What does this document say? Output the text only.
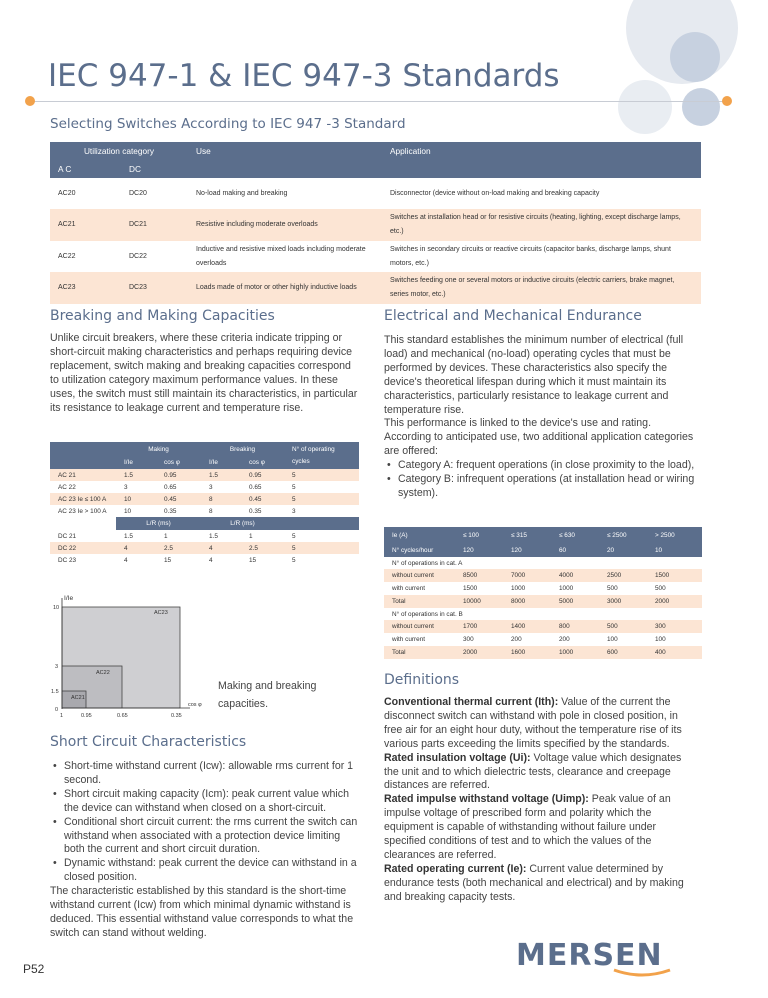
IEC 947-1 & IEC 947-3 Standards
Selecting Switches According to IEC 947 -3 Standard
Utilization category		Use	Application
A C	DC		
AC20	DC20	No-load making and breaking	Disconnector (device without on-load making and breaking capacity
AC21	DC21	Resistive including moderate overloads	Switches at installation head or for resistive circuits (heating, lighting, except discharge lamps, etc.)
AC22	DC22	Inductive and resistive mixed loads including moderate overloads	Switches in secondary circuits or reactive circuits (capacitor banks, discharge lamps, shunt motors, etc.)
AC23	DC23	Loads made of motor or other highly inductive loads	Switches feeding one or several motors or inductive circuits (electric carriers, brake magnet, series motor, etc.)
Breaking and Making Capacities
Unlike circuit breakers, where these criteria indicate tripping or short-circuit making characteristics and perhaps requiring device replacement, switch making and breaking capacities correspond to utilization category maximum performance values. In these uses, the switch must still maintain its characteristics, in particular its resistance to leakage current and temperature rise.
	Making		Breaking		N° of operating cycles
	I/Ie	cos φ	I/Ie	cos φ	
AC 21	1.5	0.95	1.5	0.95	5
AC 22	3	0.65	3	0.65	5
AC 23 Ie ≤ 100 A	10	0.45	8	0.45	5
AC 23 Ie > 100 A	10	0.35	8	0.35	3
	L/R (ms)		L/R (ms)		
DC 21	1.5	1	1.5	1	5
DC 22	4	2.5	4	2.5	5
DC 23	4	15	4	15	5
I/Ie
cos φ
10
3
1.5
0
1	0.95	0.65	0.35
AC23
AC22
AC21
Making and breaking capacities.
Short Circuit Characteristics
• Short-time withstand current (Icw): allowable rms current for 1 second.
• Short circuit making capacity (Icm): peak current value which the device can withstand when closed on a short-circuit.
• Conditional short circuit current: the rms current the switch can withstand when associated with a protection device limiting both the current and short circuit duration.
• Dynamic withstand: peak current the device can withstand in a closed position.
The characteristic established by this standard is the short-time withstand current (Icw) from which minimal dynamic withstand is deduced. This essential withstand value corresponds to what the switch can stand without welding.
Electrical and Mechanical Endurance
This standard establishes the minimum number of electrical (full load) and mechanical (no-load) operating cycles that must be performed by devices. These characteristics also specify the device's theoretical lifespan during which it must maintain its characteristics, particularly resistance to leakage current and temperature rise.
This performance is linked to the device's use and rating. According to anticipated use, two additional application categories are offered:
• Category A: frequent operations (in close proximity to the load),
• Category B: infrequent operations (at installation head or wiring system).
Ie (A)	≤ 100	≤ 315	≤ 630	≤ 2500	> 2500
N° cycles/hour	120	120	60	20	10
N° of operations in cat. A					
without current	8500	7000	4000	2500	1500
with current	1500	1000	1000	500	500
Total	10000	8000	5000	3000	2000
N° of operations in cat. B					
without current	1700	1400	800	500	300
with current	300	200	200	100	100
Total	2000	1600	1000	600	400
Definitions
Conventional thermal current (Ith): Value of the current the disconnect switch can withstand with pole in closed position, in free air for an eight hour duty, without the temperature rise of its various parts exceeding the limits specified by the standards.
Rated insulation voltage (Ui): Voltage value which designates the unit and to which dielectric tests, clearance and creepage distances are referred.
Rated impulse withstand voltage (Uimp): Peak value of an impulse voltage of prescribed form and polarity which the equipment is capable of withstanding without failure under specified conditions of test and to which the values of the clearances are referred.
Rated operating current (Ie): Current value determined by endurance tests (both mechanical and electrical) and by making and breaking capacity tests.
P52	MERSEN
